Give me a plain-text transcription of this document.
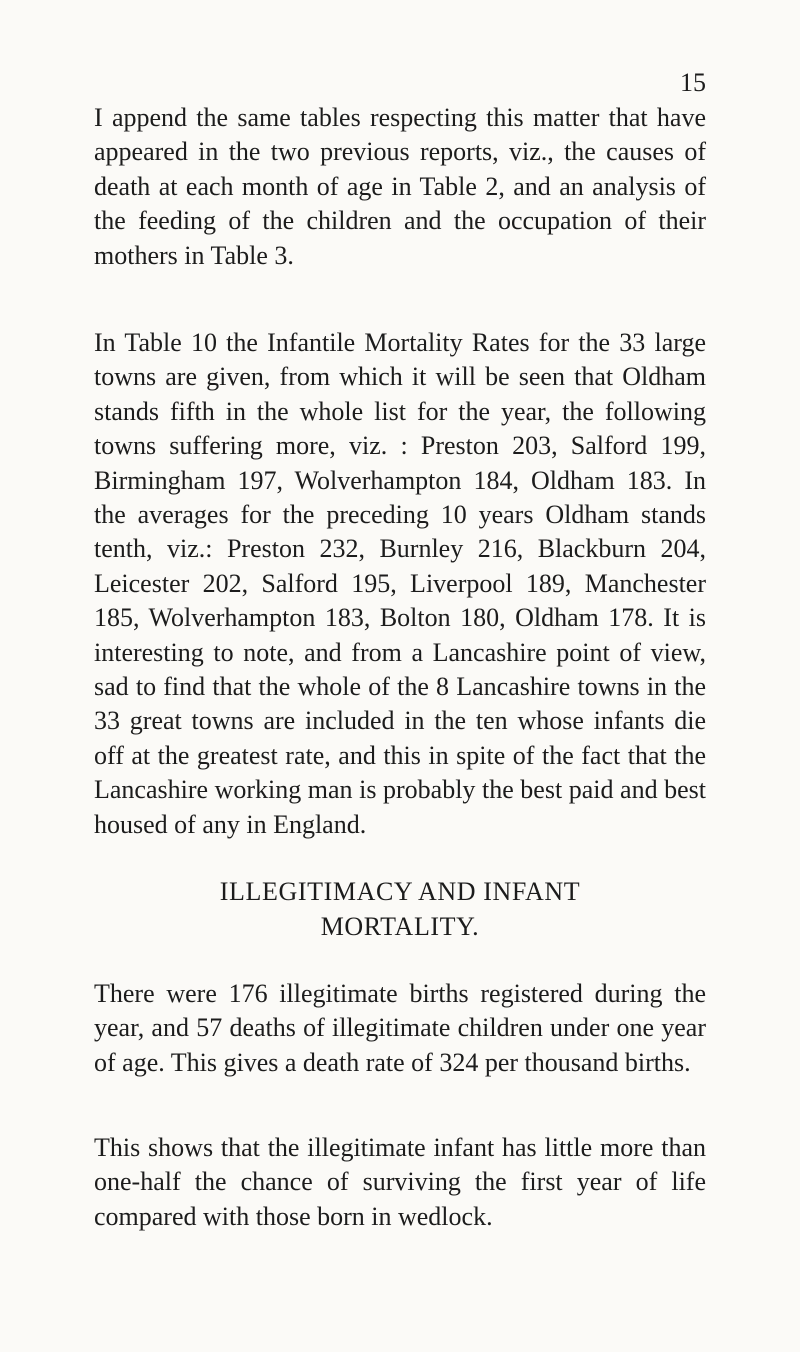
15

I append the same tables respecting this matter that have appeared in the two previous reports, viz., the causes of death at each month of age in Table 2, and an analysis of the feeding of the children and the occupation of their mothers in Table 3.

In Table 10 the Infantile Mortality Rates for the 33 large towns are given, from which it will be seen that Oldham stands fifth in the whole list for the year, the following towns suffering more, viz. : Preston 203, Salford 199, Birmingham 197, Wolverhampton 184, Oldham 183. In the averages for the preceding 10 years Oldham stands tenth, viz.: Preston 232, Burnley 216, Blackburn 204, Leicester 202, Salford 195, Liverpool 189, Manchester 185, Wolverhampton 183, Bolton 180, Oldham 178. It is interesting to note, and from a Lancashire point of view, sad to find that the whole of the 8 Lancashire towns in the 33 great towns are included in the ten whose infants die off at the greatest rate, and this in spite of the fact that the Lancashire working man is probably the best paid and best housed of any in England.

ILLEGITIMACY AND INFANT
MORTALITY.

There were 176 illegitimate births registered during the year, and 57 deaths of illegitimate children under one year of age. This gives a death rate of 324 per thousand births.

This shows that the illegitimate infant has little more than one-half the chance of surviving the first year of life compared with those born in wedlock.
